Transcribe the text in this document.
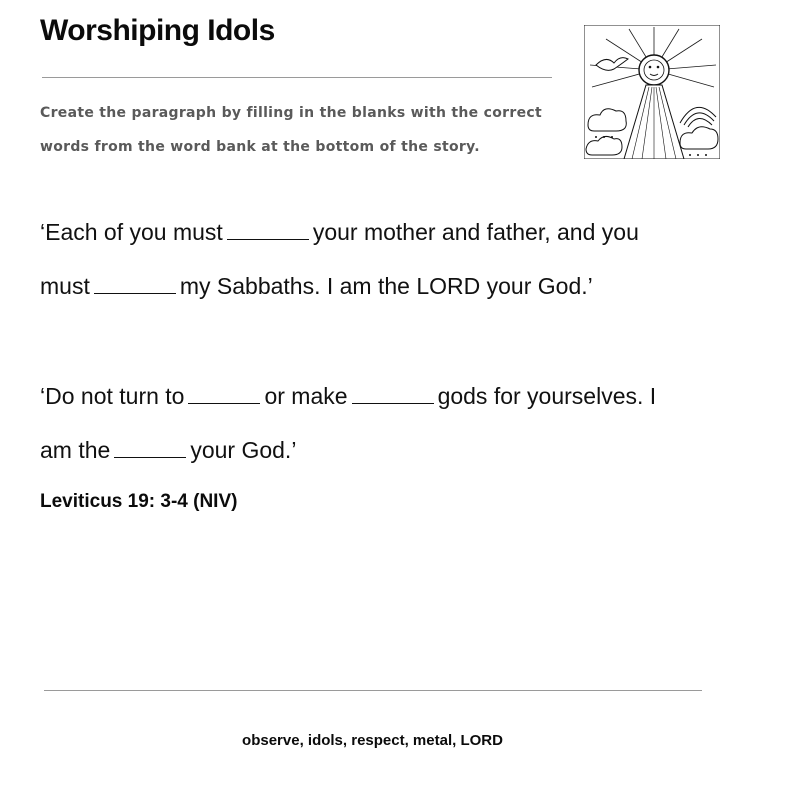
Worshiping Idols
Create the paragraph by filling in the blanks with the correct
words from the word bank at the bottom of the story.
‘Each of you must	your mother and father, and you
must	my Sabbaths. I am the LORD your God.’
‘Do not turn to	or make	gods for yourselves. I
am the	your God.’
Leviticus 19: 3-4 (NIV)
observe, idols, respect, metal, LORD
